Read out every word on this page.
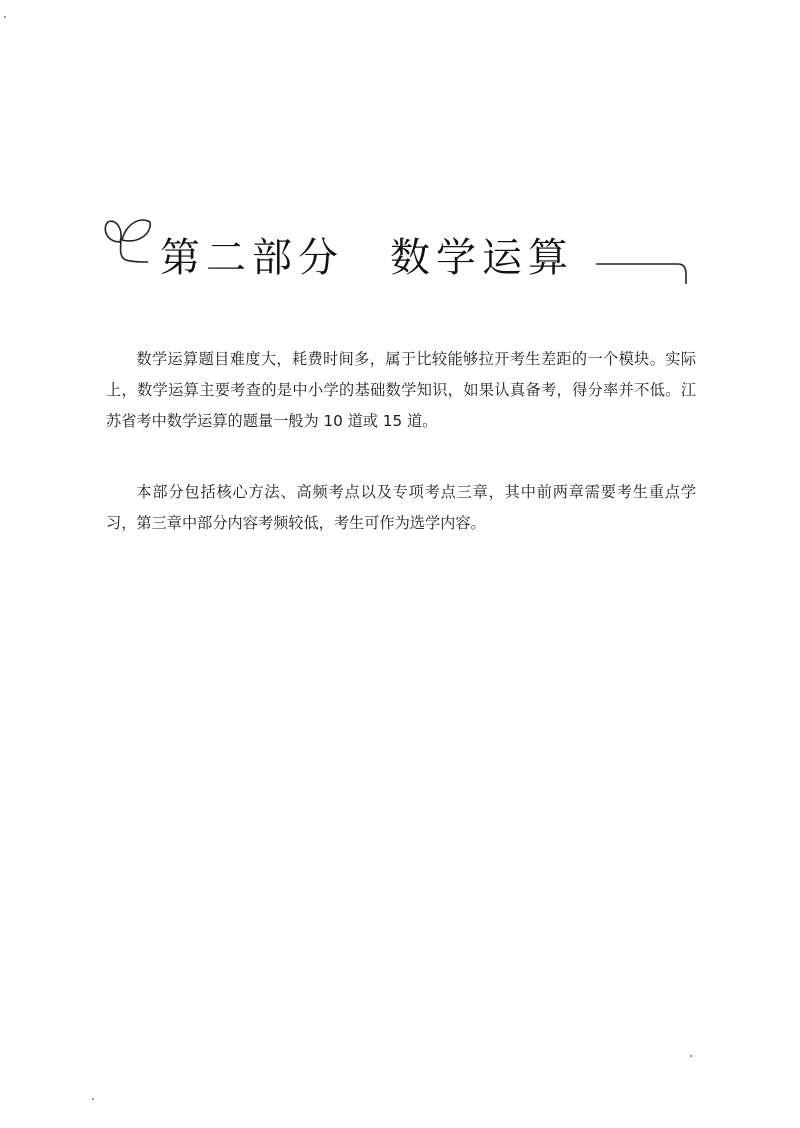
第二部分　数学运算

数学运算题目难度大，耗费时间多，属于比较能够拉开考生差距的一个模块。实际上，数学运算主要考查的是中小学的基础数学知识，如果认真备考，得分率并不低。江苏省考中数学运算的题量一般为 10 道或 15 道。

本部分包括核心方法、高频考点以及专项考点三章，其中前两章需要考生重点学习，第三章中部分内容考频较低，考生可作为选学内容。
